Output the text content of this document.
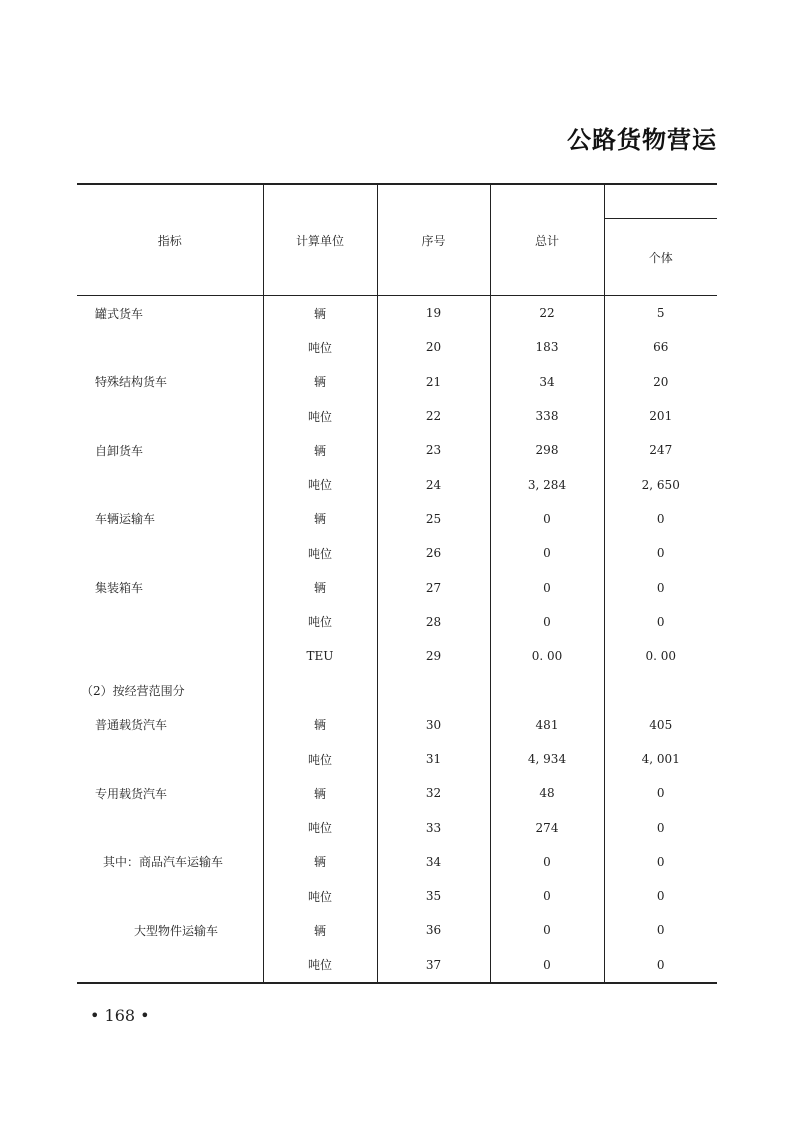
公路货物营运
指标	计算单位	序号	总计	
				个体
罐式货车	辆	19	22	5
	吨位	20	183	66
特殊结构货车	辆	21	34	20
	吨位	22	338	201
自卸货车	辆	23	298	247
	吨位	24	3, 284	2, 650
车辆运输车	辆	25	0	0
	吨位	26	0	0
集装箱车	辆	27	0	0
	吨位	28	0	0
	TEU	29	0. 00	0. 00
（2）按经营范围分				
普通载货汽车	辆	30	481	405
	吨位	31	4, 934	4, 001
专用载货汽车	辆	32	48	0
	吨位	33	274	0
其中：商品汽车运输车	辆	34	0	0
	吨位	35	0	0
大型物件运输车	辆	36	0	0
	吨位	37	0	0
• 168 •
